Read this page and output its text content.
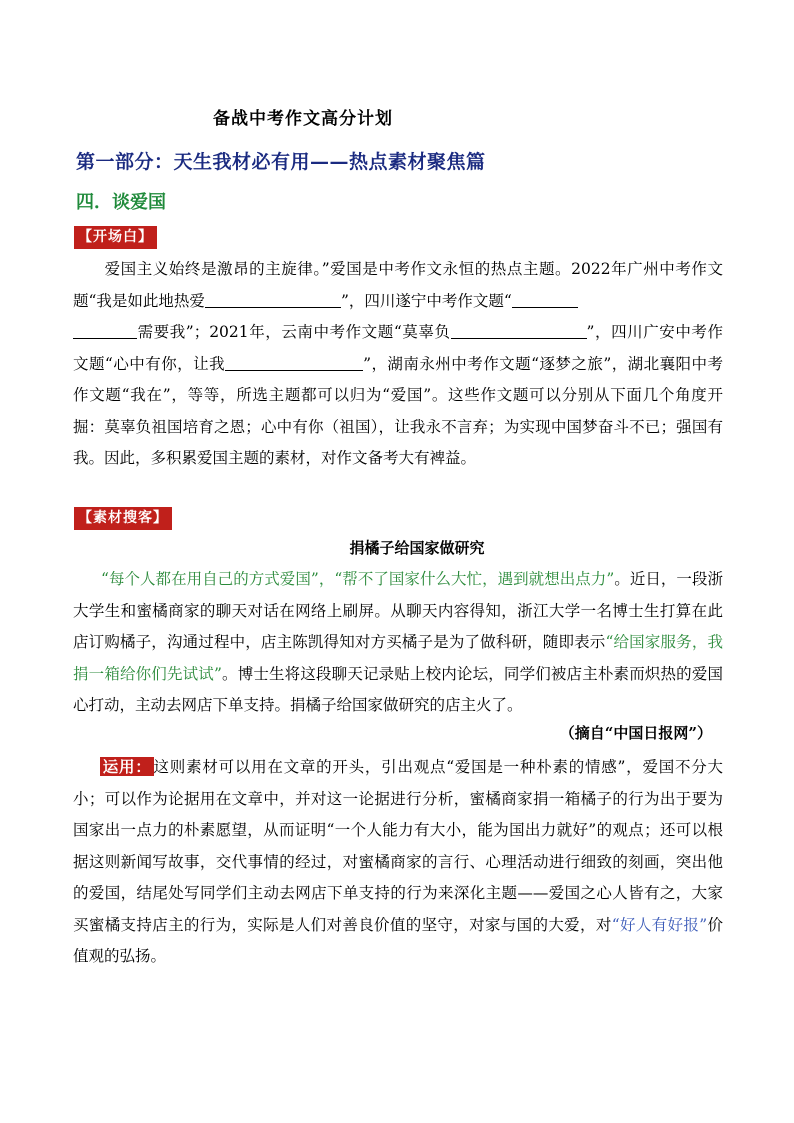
备战中考作文高分计划
第一部分：天生我材必有用——热点素材聚焦篇
四．谈爱国
【开场白】
爱国主义始终是激昂的主旋律。”爱国是中考作文永恒的热点主题。2022年广州中考作文题“我是如此地热爱	”，四川遂宁中考作文题“
需要我”；2021年，云南中考作文题“莫辜负	”，四川广安中考作文题“心中有你，让我	”，湖南永州中考作文题“逐梦之旅”，湖北襄阳中考作文题“我在”，等等，所选主题都可以归为“爱国”。这些作文题可以分别从下面几个角度开掘：莫辜负祖国培育之恩；心中有你（祖国），让我永不言弃；为实现中国梦奋斗不已；强国有我。因此，多积累爱国主题的素材，对作文备考大有裨益。
【素材搜客】
捐橘子给国家做研究
“每个人都在用自己的方式爱国”，“帮不了国家什么大忙，遇到就想出点力”。近日，一段浙大学生和蜜橘商家的聊天对话在网络上刷屏。从聊天内容得知，浙江大学一名博士生打算在此店订购橘子，沟通过程中，店主陈凯得知对方买橘子是为了做科研，随即表示“给国家服务，我捐一箱给你们先试试”。博士生将这段聊天记录贴上校内论坛，同学们被店主朴素而炽热的爱国心打动，主动去网店下单支持。捐橘子给国家做研究的店主火了。
（摘自“中国日报网”）
运用： 这则素材可以用在文章的开头，引出观点“爱国是一种朴素的情感”，爱国不分大小；可以作为论据用在文章中，并对这一论据进行分析，蜜橘商家捐一箱橘子的行为出于要为国家出一点力的朴素愿望，从而证明“一个人能力有大小，能为国出力就好”的观点；还可以根据这则新闻写故事，交代事情的经过，对蜜橘商家的言行、心理活动进行细致的刻画，突出他的爱国，结尾处写同学们主动去网店下单支持的行为来深化主题——爱国之心人皆有之，大家买蜜橘支持店主的行为，实际是人们对善良价值的坚守，对家与国的大爱，对“好人有好报”价值观的弘扬。
